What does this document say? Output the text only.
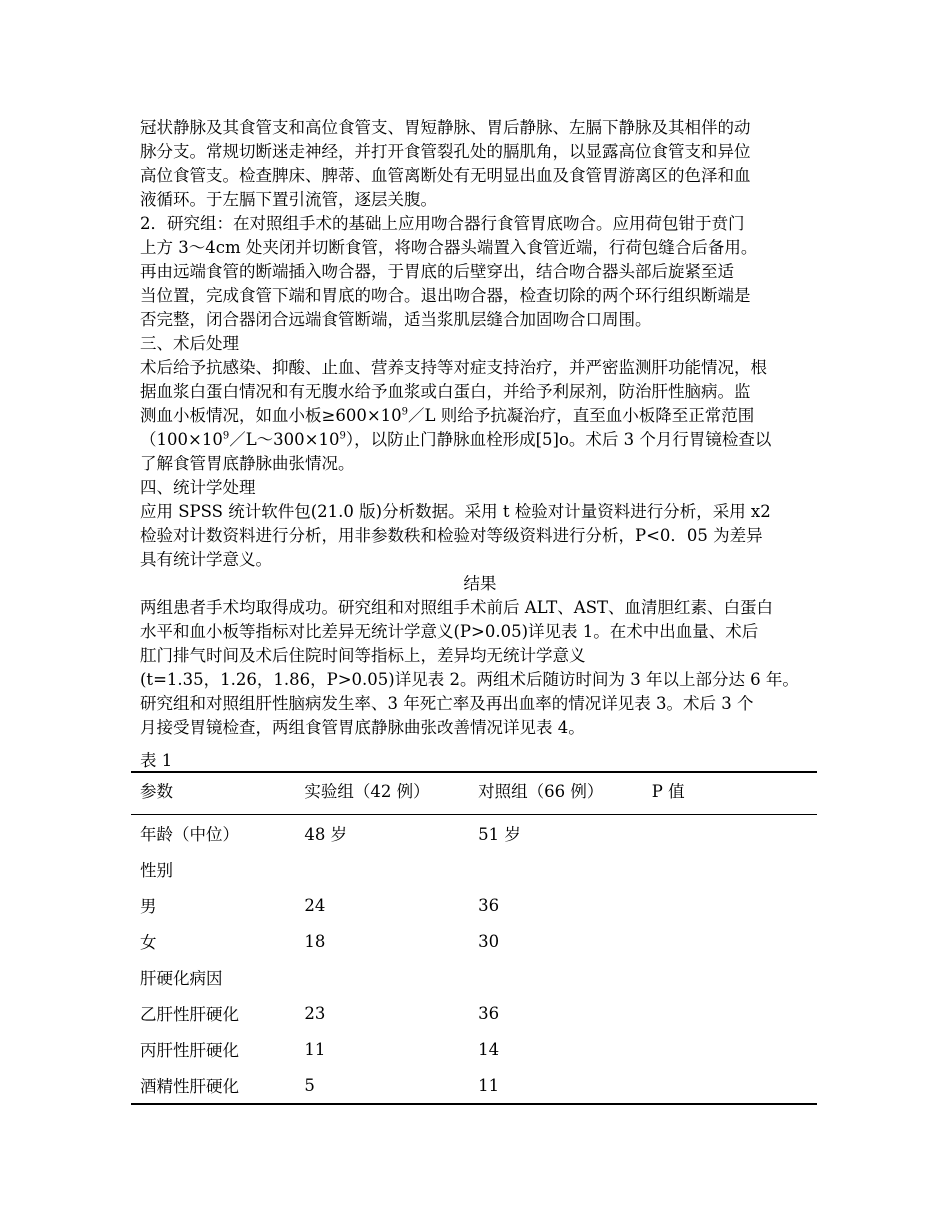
冠状静脉及其食管支和高位食管支、胃短静脉、胃后静脉、左膈下静脉及其相伴的动

脉分支。常规切断迷走神经，并打开食管裂孔处的膈肌角，以显露高位食管支和异位

高位食管支。检查脾床、脾蒂、血管离断处有无明显出血及食管胃游离区的色泽和血

液循环。于左膈下置引流管，逐层关腹。

2．研究组：在对照组手术的基础上应用吻合器行食管胃底吻合。应用荷包钳于贲门

上方 3～4cm 处夹闭并切断食管，将吻合器头端置入食管近端，行荷包缝合后备用。

再由远端食管的断端插入吻合器，于胃底的后壁穿出，结合吻合器头部后旋紧至适

当位置，完成食管下端和胃底的吻合。退出吻合器，检查切除的两个环行组织断端是

否完整，闭合器闭合远端食管断端，适当浆肌层缝合加固吻合口周围。

三、术后处理

术后给予抗感染、抑酸、止血、营养支持等对症支持治疗，并严密监测肝功能情况，根

据血浆白蛋白情况和有无腹水给予血浆或白蛋白，并给予利尿剂，防治肝性脑病。监

测血小板情况，如血小板$\ge 600\times 10^9/L$ 则给予抗凝治疗，直至血小板降至正常范围

$(100\times 10^9/L\sim 300\times 10^9)$，以防止门静脉血栓形成[5]o。术后 3 个月行胃镜检查以

了解食管胃底静脉曲张情况。

四、统计学处理

应用 SPSS 统计软件包(21.0 版)分析数据。采用 t 检验对计量资料进行分析，采用 x2

检验对计数资料进行分析，用非参数秩和检验对等级资料进行分析，P<0．05 为差异

具有统计学意义。

结果

两组患者手术均取得成功。研究组和对照组手术前后 ALT、AST、血清胆红素、白蛋白

水平和血小板等指标对比差异无统计学意义(P>0.05)详见表 1。在术中出血量、术后

肛门排气时间及术后住院时间等指标上，差异均无统计学意义

(t=1.35，1.26，1.86，P>0.05)详见表 2。两组术后随访时间为 3 年以上部分达 6 年。

研究组和对照组肝性脑病发生率、3 年死亡率及再出血率的情况详见表 3。术后 3 个

月接受胃镜检查，两组食管胃底静脉曲张改善情况详见表 4。

表 1
参数	实验组（42 例）	对照组（66 例）	P 值
年龄（中位）	48 岁	51 岁	
性别			
男	24	36	
女	18	30	
肝硬化病因			
乙肝性肝硬化	23	36	
丙肝性肝硬化	11	14	
酒精性肝硬化	5	11	
